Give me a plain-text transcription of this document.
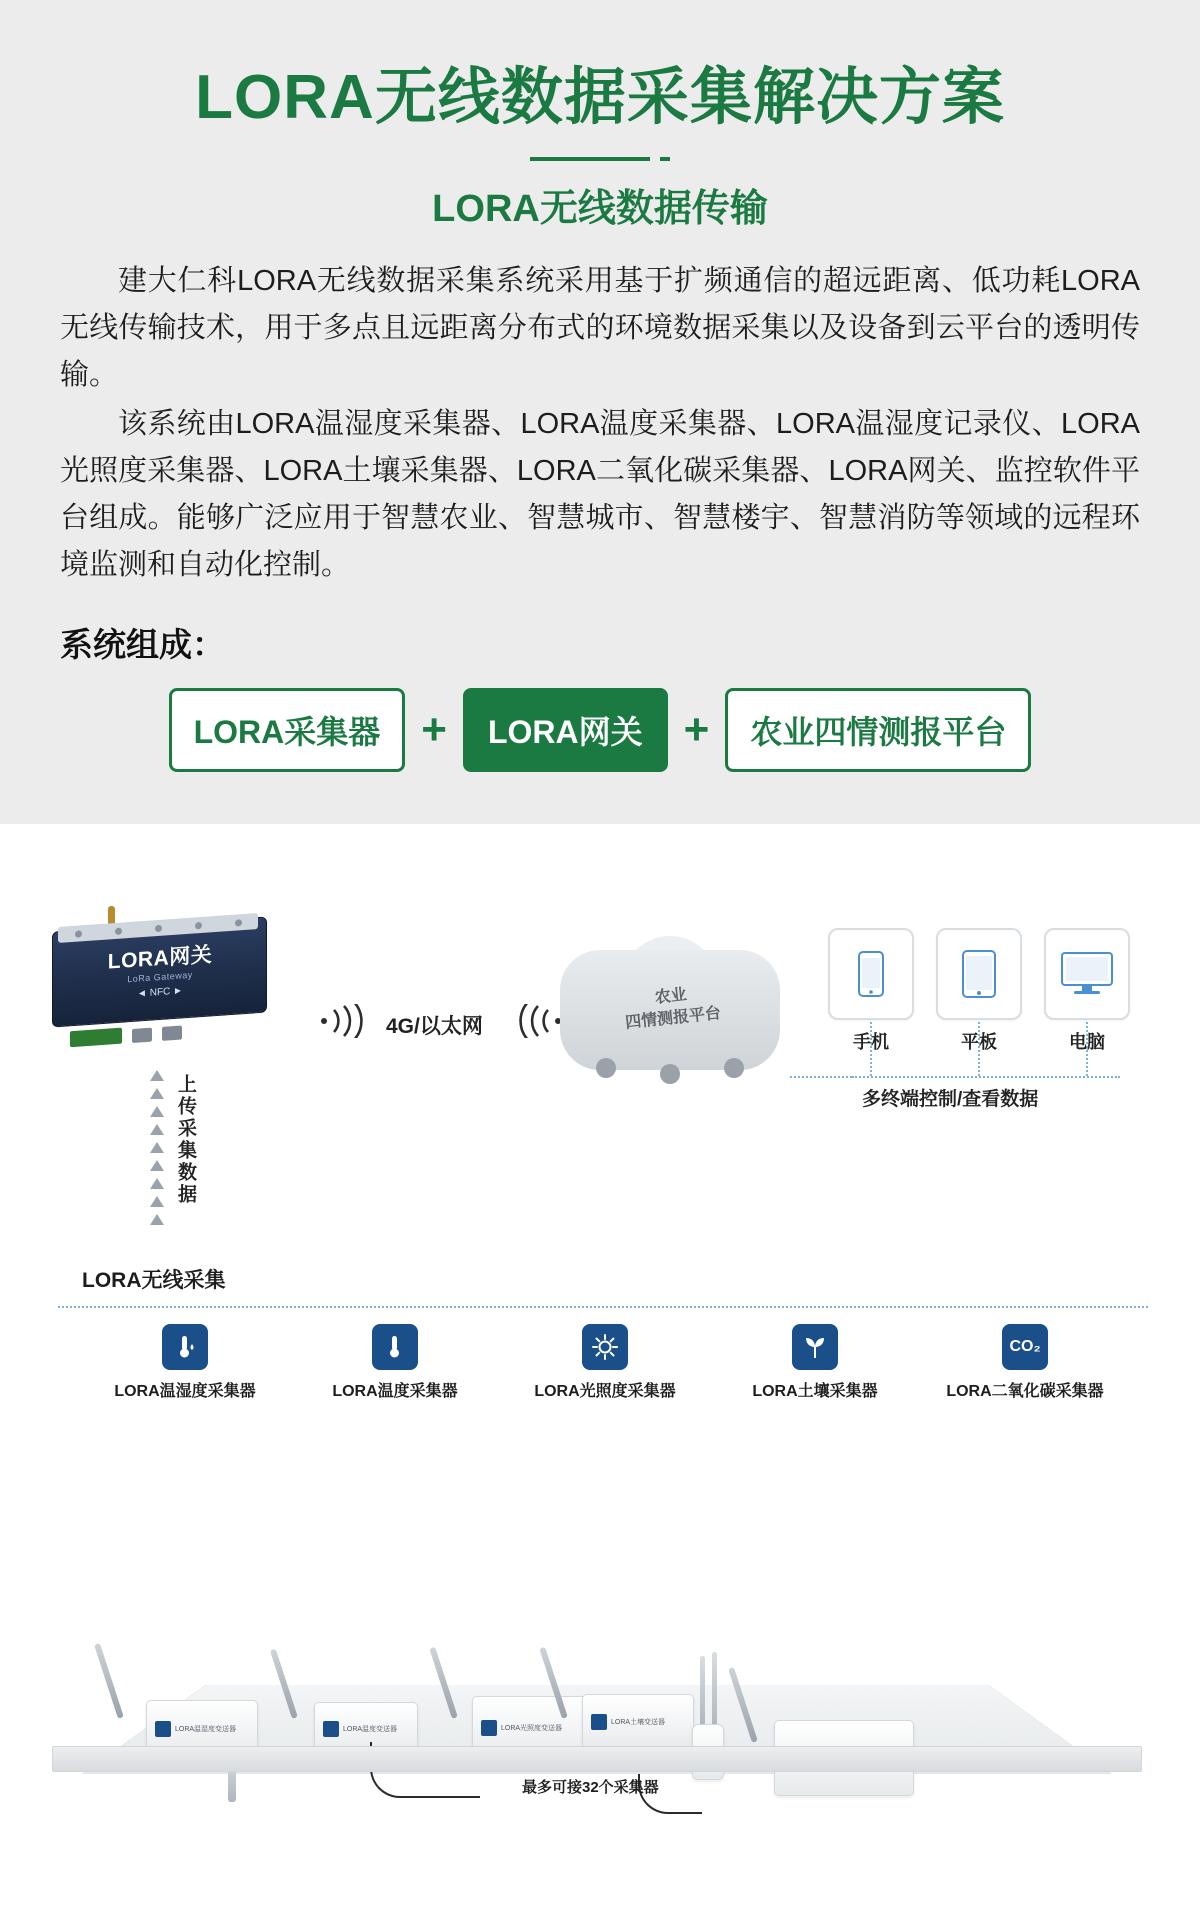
LORA无线数据采集解决方案
LORA无线数据传输

建大仁科LORA无线数据采集系统采用基于扩频通信的超远距离、低功耗LORA无线传输技术，用于多点且远距离分布式的环境数据采集以及设备到云平台的透明传输。

该系统由LORA温湿度采集器、LORA温度采集器、LORA温湿度记录仪、LORA光照度采集器、LORA土壤采集器、LORA二氧化碳采集器、LORA网关、监控软件平台组成。能够广泛应用于智慧农业、智慧城市、智慧楼宇、智慧消防等领域的远程环境监测和自动化控制。

系统组成：
LORA采集器 +	LORA网关 +	农业四情测报平台
LORA网关
LoRa Gateway
◄ NFC ►
4G/以太网
农业
四情测报平台
手机	平板	电脑
多终端控制/查看数据
上传采集数据
LORA无线采集
LORA温湿度采集器	LORA温度采集器	LORA光照度采集器	LORA土壤采集器
CO₂
LORA二氧化碳采集器
LORA温湿度变送器	LORA温度变送器	LORA光照度变送器
LORA土壤变送器
最多可接32个采集器
